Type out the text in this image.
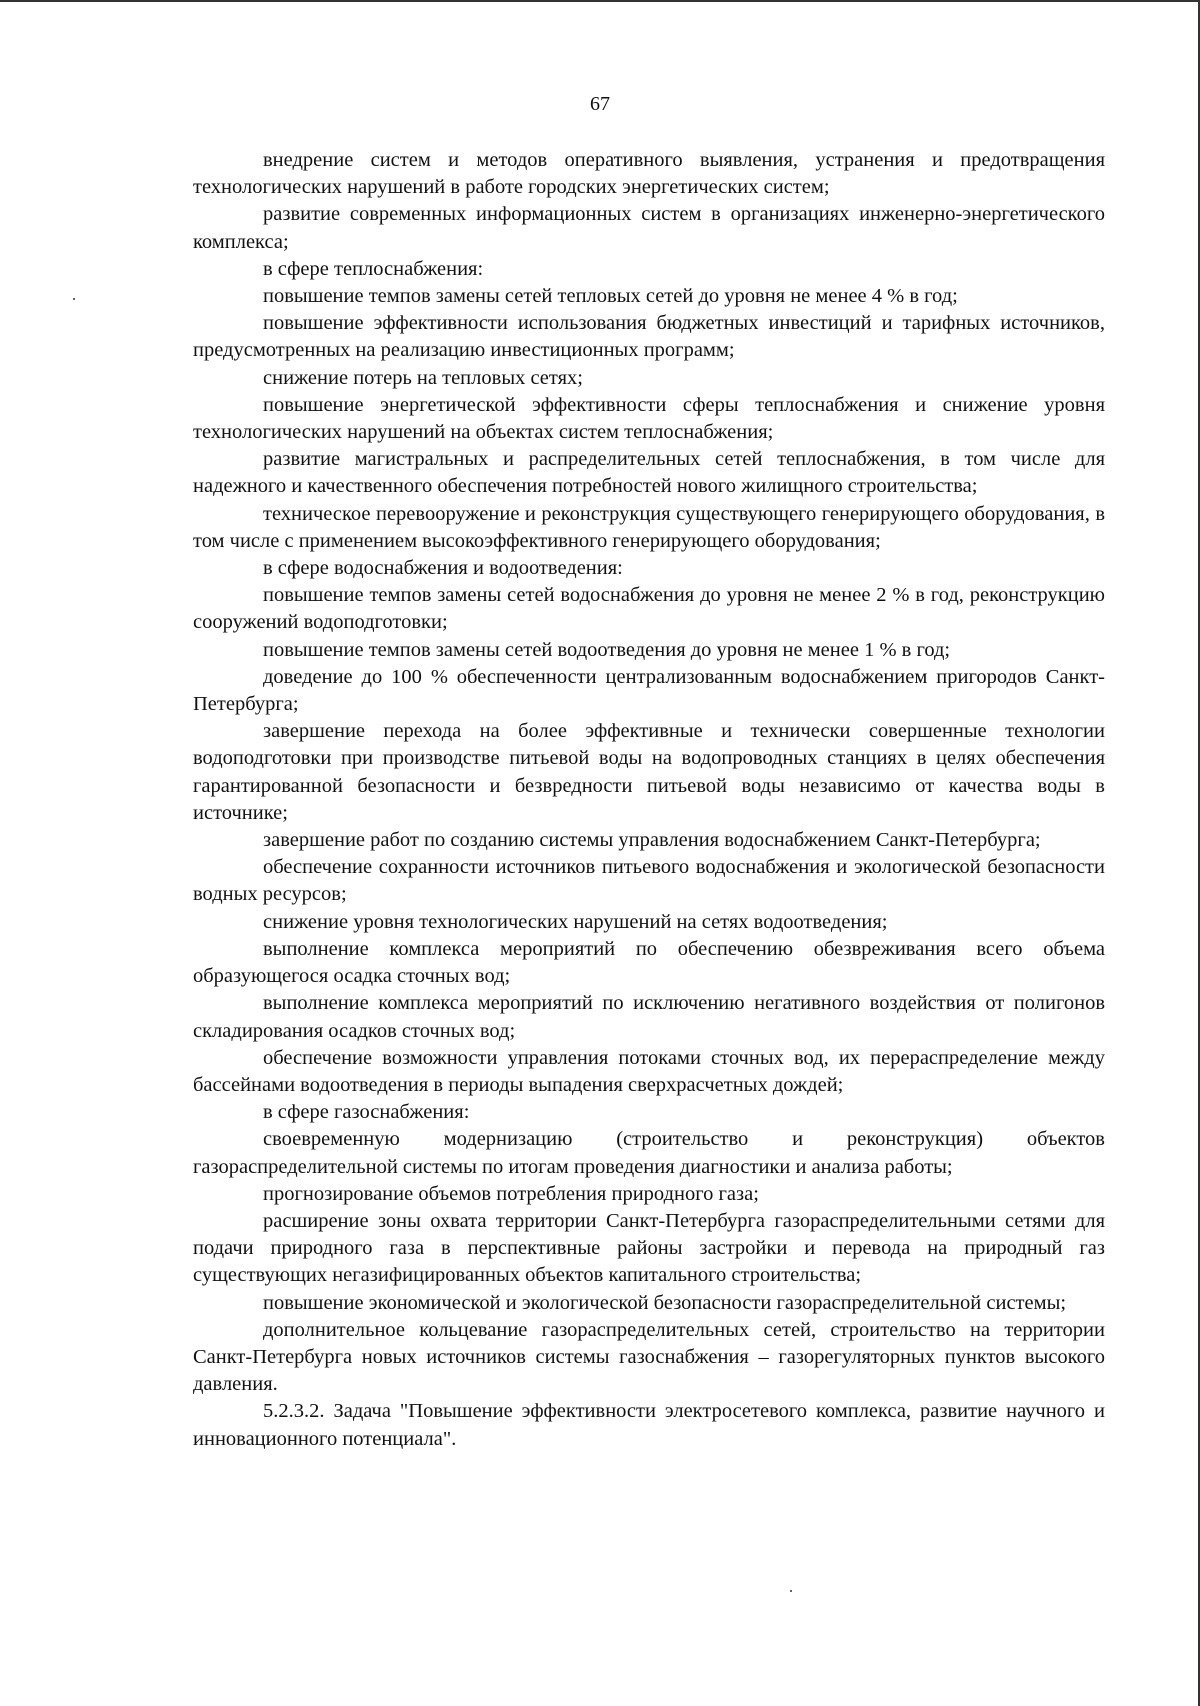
67

внедрение систем и методов оперативного выявления, устранения и предотвращения технологических нарушений в работе городских энергетических систем;

развитие современных информационных систем в организациях инженерно-энергетического комплекса;

в сфере теплоснабжения:

повышение темпов замены сетей тепловых сетей до уровня не менее 4 % в год;

повышение эффективности использования бюджетных инвестиций и тарифных источников, предусмотренных на реализацию инвестиционных программ;

снижение потерь на тепловых сетях;

повышение энергетической эффективности сферы теплоснабжения и снижение уровня технологических нарушений на объектах систем теплоснабжения;

развитие магистральных и распределительных сетей теплоснабжения, в том числе для надежного и качественного обеспечения потребностей нового жилищного строительства;

техническое перевооружение и реконструкция существующего генерирующего оборудования, в том числе с применением высокоэффективного генерирующего оборудования;

в сфере водоснабжения и водоотведения:

повышение темпов замены сетей водоснабжения до уровня не менее 2 % в год, реконструкцию сооружений водоподготовки;

повышение темпов замены сетей водоотведения до уровня не менее 1 % в год;

доведение до 100 % обеспеченности централизованным водоснабжением пригородов Санкт-Петербурга;

завершение перехода на более эффективные и технически совершенные технологии водоподготовки при производстве питьевой воды на водопроводных станциях в целях обеспечения гарантированной безопасности и безвредности питьевой воды независимо от качества воды в источнике;

завершение работ по созданию системы управления водоснабжением Санкт-Петербурга;

обеспечение сохранности источников питьевого водоснабжения и экологической безопасности водных ресурсов;

снижение уровня технологических нарушений на сетях водоотведения;

выполнение комплекса мероприятий по обеспечению обезвреживания всего объема образующегося осадка сточных вод;

выполнение комплекса мероприятий по исключению негативного воздействия от полигонов складирования осадков сточных вод;

обеспечение возможности управления потоками сточных вод, их перераспределение между бассейнами водоотведения в периоды выпадения сверхрасчетных дождей;

в сфере газоснабжения:

своевременную модернизацию (строительство и реконструкция) объектов газораспределительной системы по итогам проведения диагностики и анализа работы;

прогнозирование объемов потребления природного газа;

расширение зоны охвата территории Санкт-Петербурга газораспределительными сетями для подачи природного газа в перспективные районы застройки и перевода на природный газ существующих негазифицированных объектов капитального строительства;

повышение экономической и экологической безопасности газораспределительной системы;

дополнительное кольцевание газораспределительных сетей, строительство на территории Санкт-Петербурга новых источников системы газоснабжения – газорегуляторных пунктов высокого давления.

5.2.3.2. Задача "Повышение эффективности электросетевого комплекса, развитие научного и инновационного потенциала".
